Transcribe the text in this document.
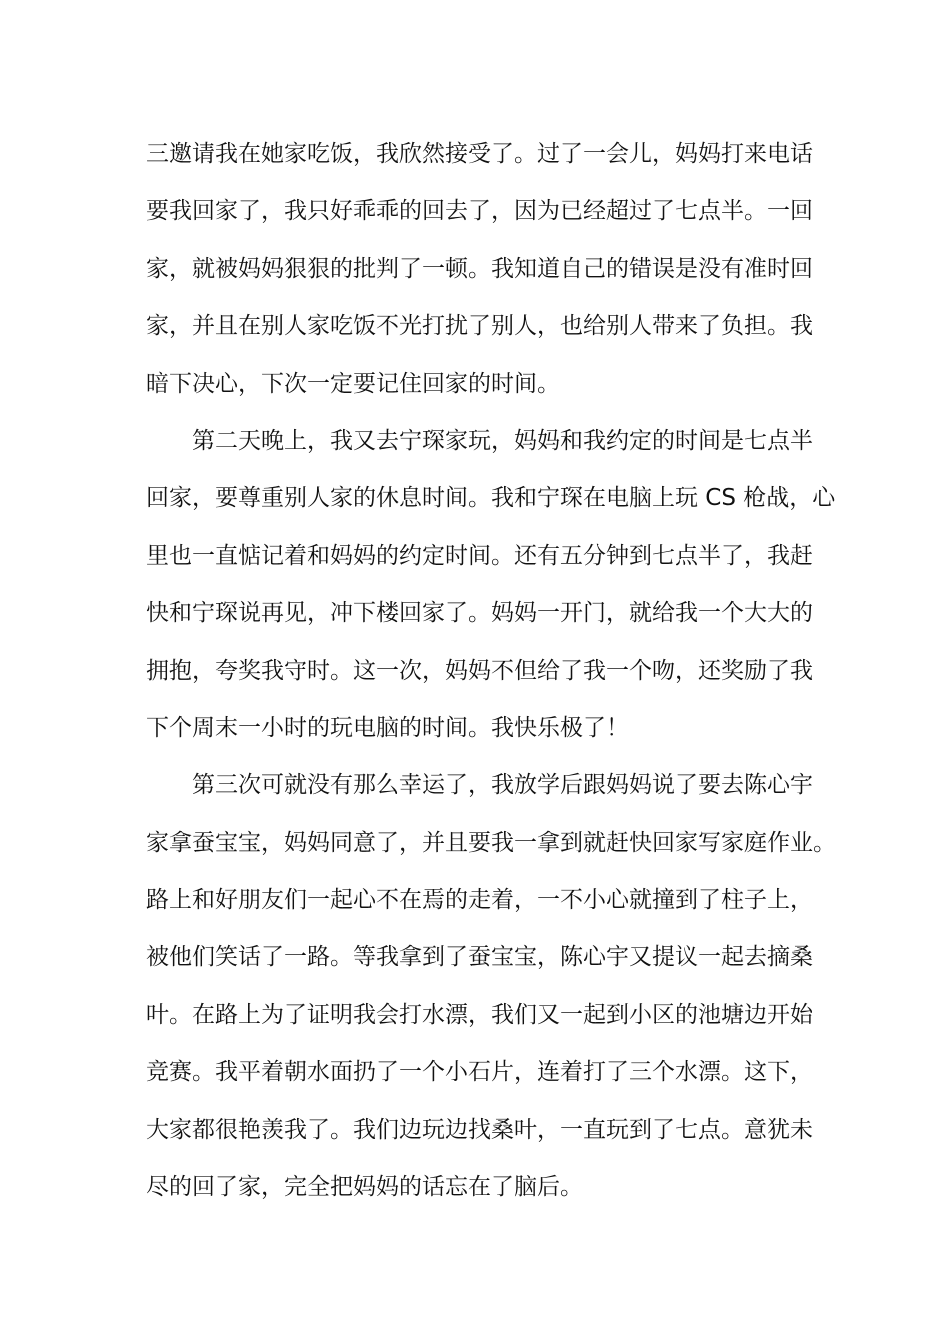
三邀请我在她家吃饭，我欣然接受了。过了一会儿，妈妈打来电话
要我回家了，我只好乖乖的回去了，因为已经超过了七点半。一回
家，就被妈妈狠狠的批判了一顿。我知道自己的错误是没有准时回
家，并且在别人家吃饭不光打扰了别人，也给别人带来了负担。我
暗下决心，下次一定要记住回家的时间。
第二天晚上，我又去宁琛家玩，妈妈和我约定的时间是七点半
回家，要尊重别人家的休息时间。我和宁琛在电脑上玩 CS 枪战，心
里也一直惦记着和妈妈的约定时间。还有五分钟到七点半了，我赶
快和宁琛说再见，冲下楼回家了。妈妈一开门，就给我一个大大的
拥抱，夸奖我守时。这一次，妈妈不但给了我一个吻，还奖励了我
下个周末一小时的玩电脑的时间。我快乐极了！
第三次可就没有那么幸运了，我放学后跟妈妈说了要去陈心宇
家拿蚕宝宝，妈妈同意了，并且要我一拿到就赶快回家写家庭作业。
路上和好朋友们一起心不在焉的走着，一不小心就撞到了柱子上，
被他们笑话了一路。等我拿到了蚕宝宝，陈心宇又提议一起去摘桑
叶。在路上为了证明我会打水漂，我们又一起到小区的池塘边开始
竞赛。我平着朝水面扔了一个小石片，连着打了三个水漂。这下，
大家都很艳羡我了。我们边玩边找桑叶，一直玩到了七点。意犹未
尽的回了家，完全把妈妈的话忘在了脑后。
